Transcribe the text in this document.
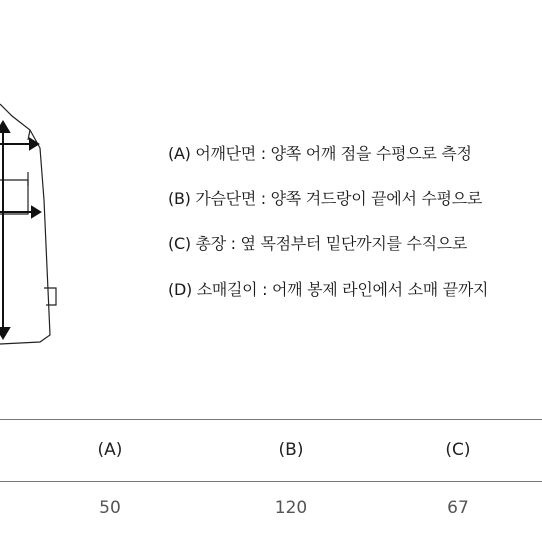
(A) 어깨단면 : 양쪽 어깨 점을 수평으로 측정
(B) 가슴단면 : 양쪽 겨드랑이 끝에서 수평으로
(C) 총장 : 옆 목점부터 밑단까지를 수직으로
(D) 소매길이 : 어깨 봉제 라인에서 소매 끝까지
(A)	(B)	(C)
50	120	67
